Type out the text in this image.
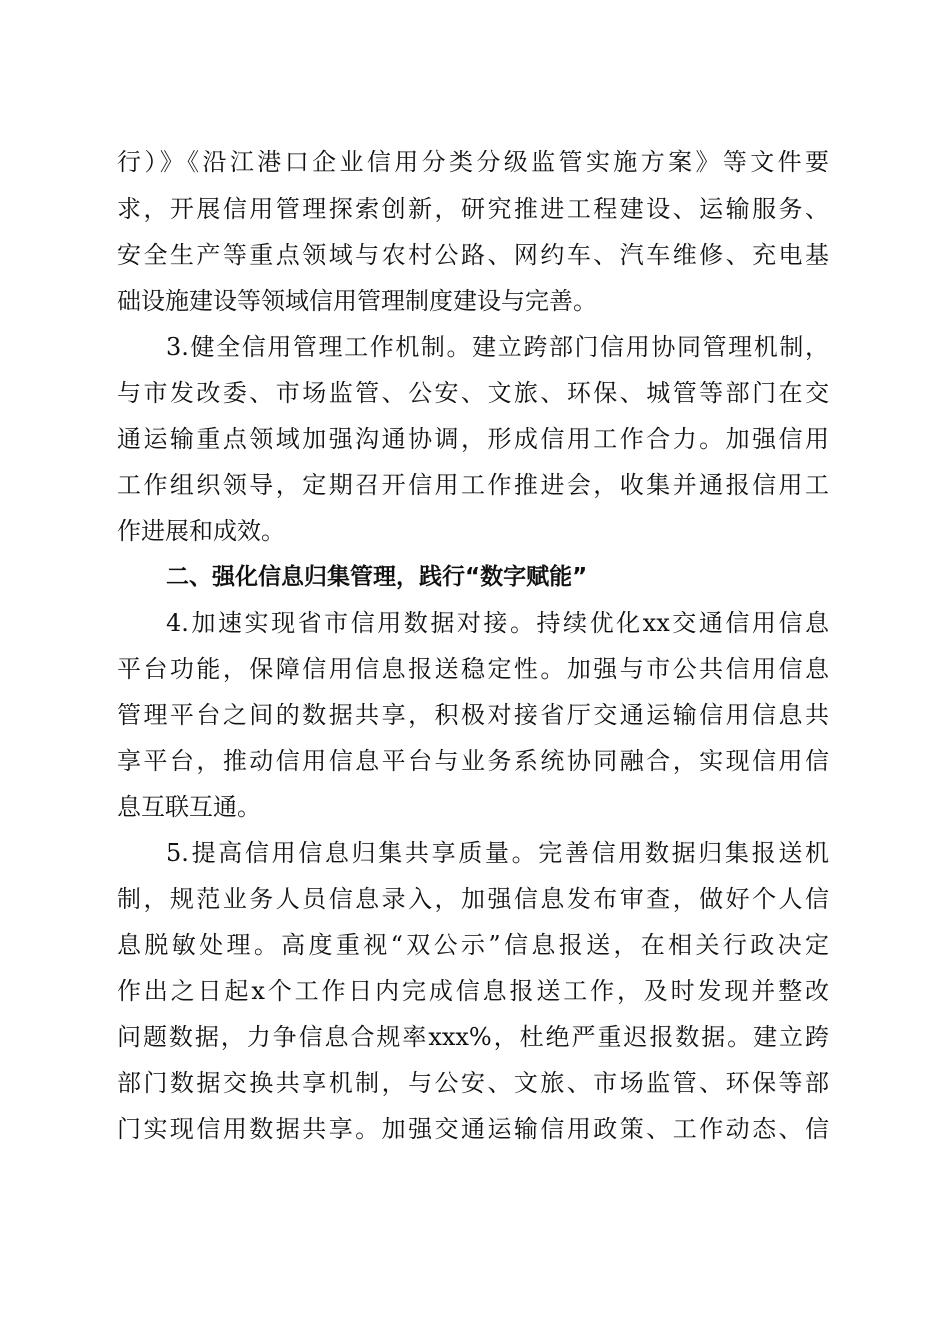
行）》《沿江港口企业信用分类分级监管实施方案》等文件要
求，开展信用管理探索创新，研究推进工程建设、运输服务、
安全生产等重点领域与农村公路、网约车、汽车维修、充电基
础设施建设等领域信用管理制度建设与完善。
3.健全信用管理工作机制。建立跨部门信用协同管理机制，
与市发改委、市场监管、公安、文旅、环保、城管等部门在交
通运输重点领域加强沟通协调，形成信用工作合力。加强信用
工作组织领导，定期召开信用工作推进会，收集并通报信用工
作进展和成效。
二、强化信息归集管理，践行“数字赋能”
4.加速实现省市信用数据对接。持续优化xx交通信用信息
平台功能，保障信用信息报送稳定性。加强与市公共信用信息
管理平台之间的数据共享，积极对接省厅交通运输信用信息共
享平台，推动信用信息平台与业务系统协同融合，实现信用信
息互联互通。
5.提高信用信息归集共享质量。完善信用数据归集报送机
制，规范业务人员信息录入，加强信息发布审查，做好个人信
息脱敏处理。高度重视“双公示”信息报送，在相关行政决定
作出之日起x个工作日内完成信息报送工作，及时发现并整改
问题数据，力争信息合规率xxx%，杜绝严重迟报数据。建立跨
部门数据交换共享机制，与公安、文旅、市场监管、环保等部
门实现信用数据共享。加强交通运输信用政策、工作动态、信
